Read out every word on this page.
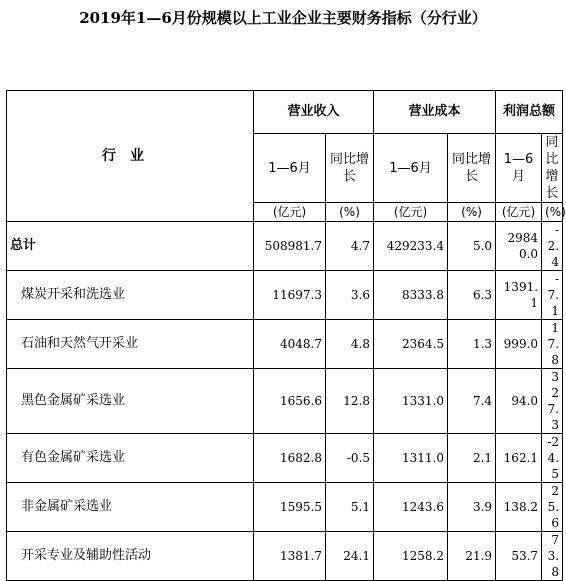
2019年1—6月份规模以上工业企业主要财务指标（分行业）
行业	营业收入		营业成本		利润总额	
	1—6月	同比增长	1—6月	同比增长	1—6月	同比增长
	(亿元)	(%)	(亿元)	(%)	(亿元)	(%)
总计	508981.7	4.7	429233.4	5.0	29840.0	-2.4
煤炭开采和洗选业	11697.3	3.6	8333.8	6.3	1391.1	-7.1
石油和天然气开采业	4048.7	4.8	2364.5	1.3	999.0	17.8
黑色金属矿采选业	1656.6	12.8	1331.0	7.4	94.0	327.3
有色金属矿采选业	1682.8	-0.5	1311.0	2.1	162.1	-24.5
非金属矿采选业	1595.5	5.1	1243.6	3.9	138.2	25.6
开采专业及辅助性活动	1381.7	24.1	1258.2	21.9	53.7	73.8
